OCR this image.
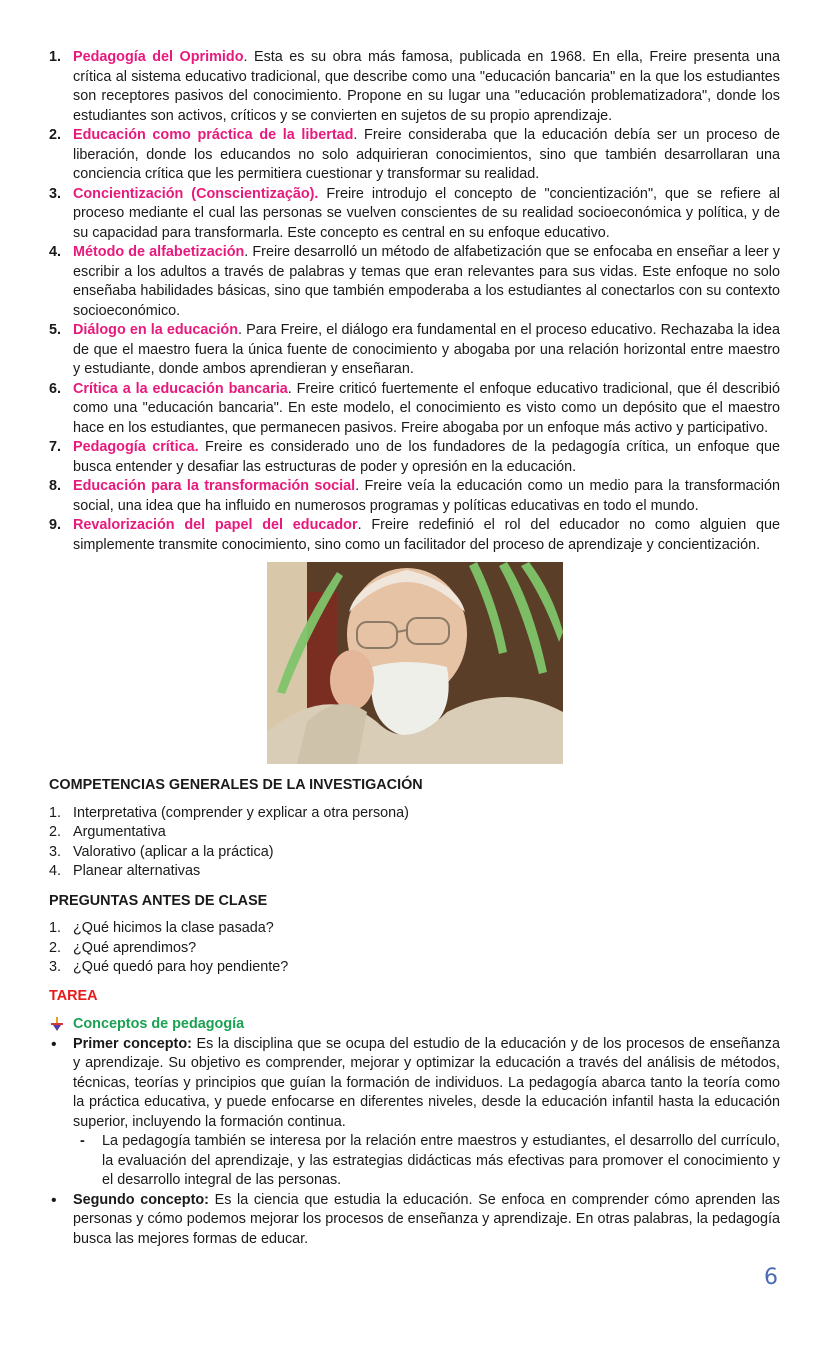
1. Pedagogía del Oprimido. Esta es su obra más famosa, publicada en 1968. En ella, Freire presenta una crítica al sistema educativo tradicional, que describe como una "educación bancaria" en la que los estudiantes son receptores pasivos del conocimiento. Propone en su lugar una "educación problematizadora", donde los estudiantes son activos, críticos y se convierten en sujetos de su propio aprendizaje.
2. Educación como práctica de la libertad. Freire consideraba que la educación debía ser un proceso de liberación, donde los educandos no solo adquirieran conocimientos, sino que también desarrollaran una conciencia crítica que les permitiera cuestionar y transformar su realidad.
3. Concientización (Conscientização). Freire introdujo el concepto de "concientización", que se refiere al proceso mediante el cual las personas se vuelven conscientes de su realidad socioeconómica y política, y de su capacidad para transformarla. Este concepto es central en su enfoque educativo.
4. Método de alfabetización. Freire desarrolló un método de alfabetización que se enfocaba en enseñar a leer y escribir a los adultos a través de palabras y temas que eran relevantes para sus vidas. Este enfoque no solo enseñaba habilidades básicas, sino que también empoderaba a los estudiantes al conectarlos con su contexto socioeconómico.
5. Diálogo en la educación. Para Freire, el diálogo era fundamental en el proceso educativo. Rechazaba la idea de que el maestro fuera la única fuente de conocimiento y abogaba por una relación horizontal entre maestro y estudiante, donde ambos aprendieran y enseñaran.
6. Crítica a la educación bancaria. Freire criticó fuertemente el enfoque educativo tradicional, que él describió como una "educación bancaria". En este modelo, el conocimiento es visto como un depósito que el maestro hace en los estudiantes, que permanecen pasivos. Freire abogaba por un enfoque más activo y participativo.
7. Pedagogía crítica. Freire es considerado uno de los fundadores de la pedagogía crítica, un enfoque que busca entender y desafiar las estructuras de poder y opresión en la educación.
8. Educación para la transformación social. Freire veía la educación como un medio para la transformación social, una idea que ha influido en numerosos programas y políticas educativas en todo el mundo.
9. Revalorización del papel del educador. Freire redefinió el rol del educador no como alguien que simplemente transmite conocimiento, sino como un facilitador del proceso de aprendizaje y concientización.
COMPETENCIAS GENERALES DE LA INVESTIGACIÓN
1. Interpretativa (comprender y explicar a otra persona)
2. Argumentativa
3. Valorativo (aplicar a la práctica)
4. Planear alternativas
PREGUNTAS ANTES DE CLASE
1. ¿Qué hicimos la clase pasada?
2. ¿Qué aprendimos?
3. ¿Qué quedó para hoy pendiente?
TAREA
Conceptos de pedagogía
• Primer concepto: Es la disciplina que se ocupa del estudio de la educación y de los procesos de enseñanza y aprendizaje. Su objetivo es comprender, mejorar y optimizar la educación a través del análisis de métodos, técnicas, teorías y principios que guían la formación de individuos. La pedagogía abarca tanto la teoría como la práctica educativa, y puede enfocarse en diferentes niveles, desde la educación infantil hasta la educación superior, incluyendo la formación continua.
- La pedagogía también se interesa por la relación entre maestros y estudiantes, el desarrollo del currículo, la evaluación del aprendizaje, y las estrategias didácticas más efectivas para promover el conocimiento y el desarrollo integral de las personas.
• Segundo concepto: Es la ciencia que estudia la educación. Se enfoca en comprender cómo aprenden las personas y cómo podemos mejorar los procesos de enseñanza y aprendizaje. En otras palabras, la pedagogía busca las mejores formas de educar.
6
